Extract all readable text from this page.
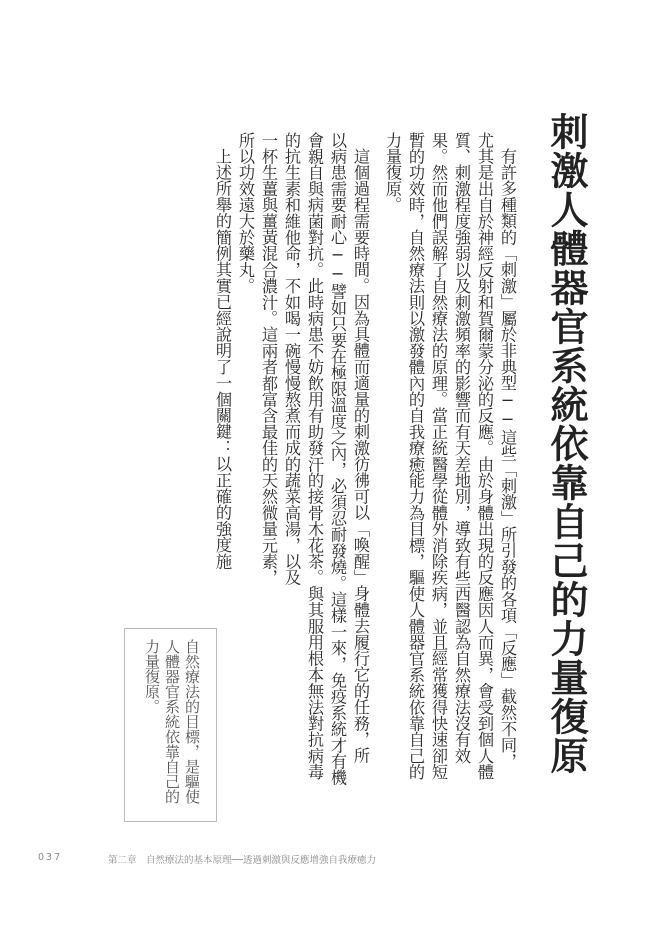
刺激人體器官系統依靠自己的力量復原
有許多種類的「刺激」屬於非典型──這些「刺激」所引發的各項「反應」截然不同，
尤其是出自於神經反射和賀爾蒙分泌的反應。由於身體出現的反應因人而異，會受到個人體
質、刺激程度強弱以及刺激頻率的影響而有天差地別，導致有些西醫認為自然療法沒有效
果。然而他們誤解了自然療法的原理。當正統醫學從體外消除疾病，並且經常獲得快速卻短
暫的功效時，自然療法則以激發體內的自我療癒能力為目標，驅使人體器官系統依靠自己的
力量復原。
這個過程需要時間。因為具體而適量的刺激彷彿可以「喚醒」身體去履行它的任務，所
以病患需要耐心──譬如只要在極限溫度之內，必須忍耐發燒。這樣一來，免疫系統才有機
會親自與病菌對抗。此時病患不妨飲用有助發汗的接骨木花茶。與其服用根本無法對抗病毒
的抗生素和維他命，不如喝一碗慢慢熬煮而成的蔬菜高湯，以及
一杯生薑與薑黃混合濃汁。這兩者都富含最佳的天然微量元素，
所以功效遠大於藥丸。
上述所舉的簡例其實已經說明了一個關鍵：以正確的強度施
自然療法的目標，是驅使
人體器官系統依靠自己的
力量復原。
037	第二章　自然療法的基本原理──透過刺激與反應增強自我療癒力
